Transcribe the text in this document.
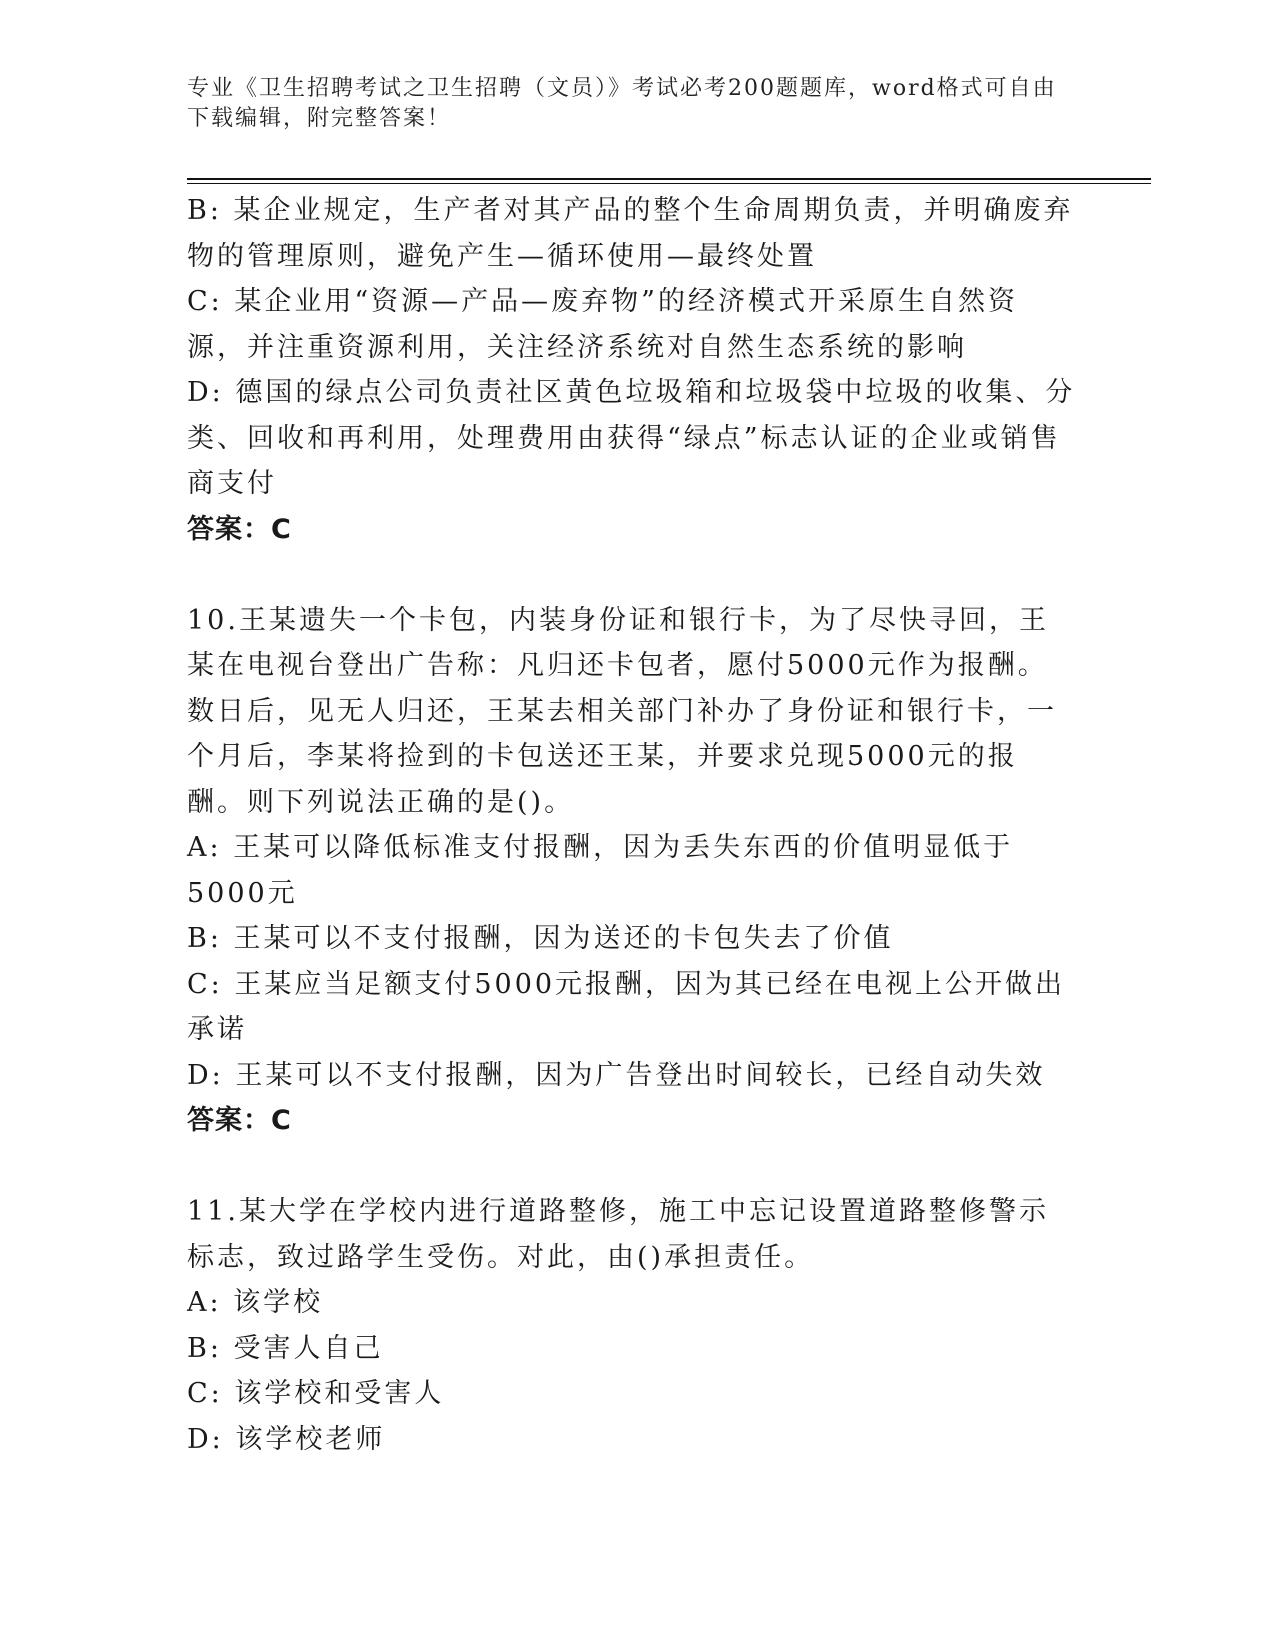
专业《卫生招聘考试之卫生招聘（文员）》考试必考200题题库，word格式可自由下载编辑，附完整答案！

B: 某企业规定，生产者对其产品的整个生命周期负责，并明确废弃物的管理原则，避免产生—循环使用—最终处置

C: 某企业用“资源—产品—废弃物”的经济模式开采原生自然资源，并注重资源利用，关注经济系统对自然生态系统的影响

D: 德国的绿点公司负责社区黄色垃圾箱和垃圾袋中垃圾的收集、分类、回收和再利用，处理费用由获得“绿点”标志认证的企业或销售商支付

答案：C

10.王某遗失一个卡包，内装身份证和银行卡，为了尽快寻回，王某在电视台登出广告称：凡归还卡包者，愿付5000元作为报酬。数日后，见无人归还，王某去相关部门补办了身份证和银行卡，一个月后，李某将捡到的卡包送还王某，并要求兑现5000元的报酬。则下列说法正确的是()。

A: 王某可以降低标准支付报酬，因为丢失东西的价值明显低于5000元

B: 王某可以不支付报酬，因为送还的卡包失去了价值

C: 王某应当足额支付5000元报酬，因为其已经在电视上公开做出承诺

D: 王某可以不支付报酬，因为广告登出时间较长，已经自动失效

答案：C

11.某大学在学校内进行道路整修，施工中忘记设置道路整修警示标志，致过路学生受伤。对此，由()承担责任。

A: 该学校

B: 受害人自己

C: 该学校和受害人

D: 该学校老师
